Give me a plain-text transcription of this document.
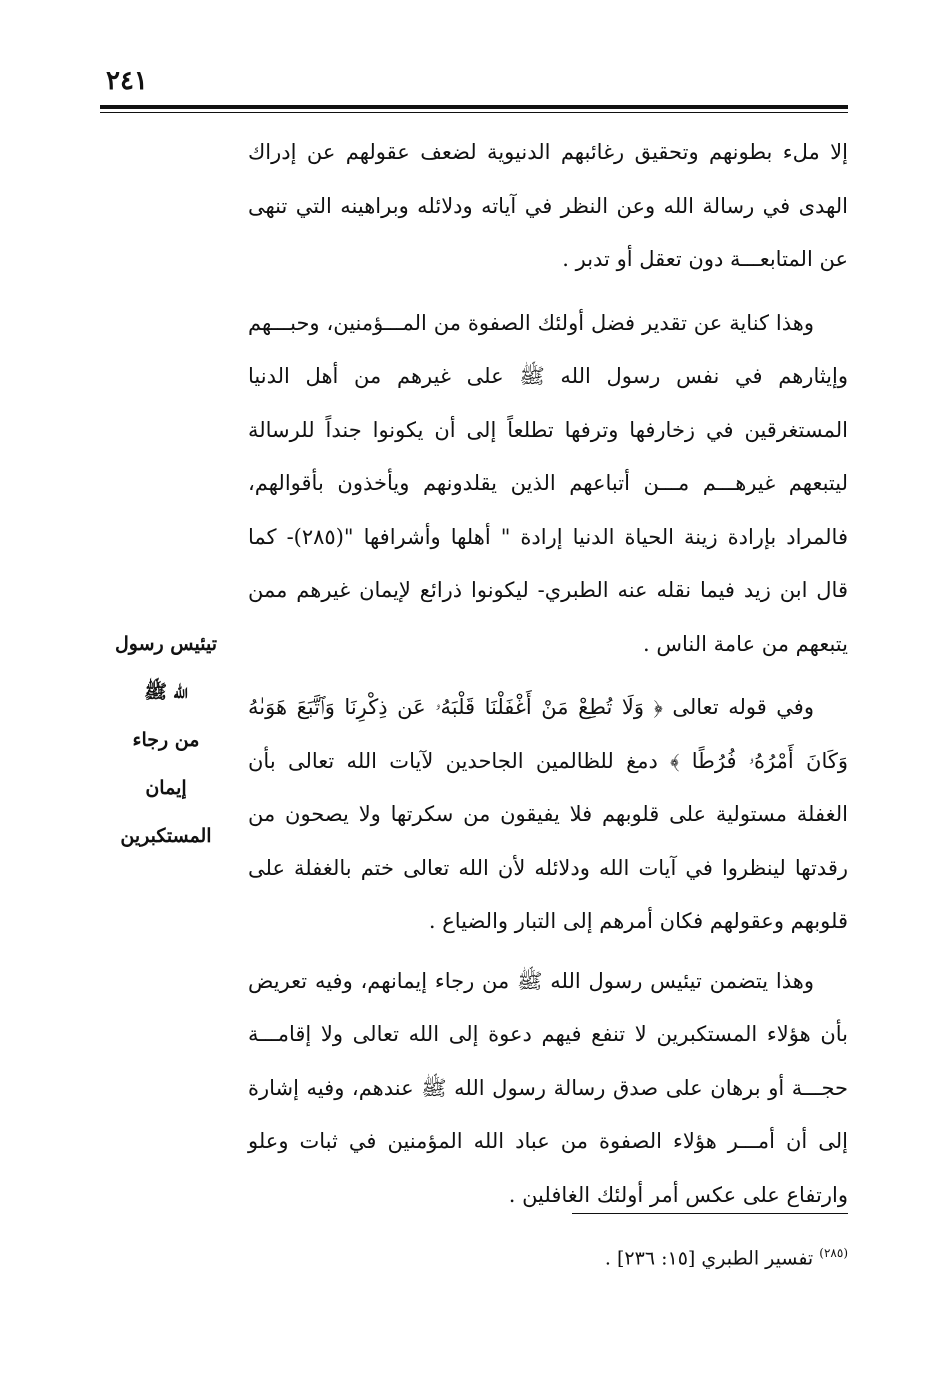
٢٤١

إلا ملء بطونهم وتحقيق رغائبهم الدنيوية لضعف عقولهم عن إدراك الهدى في رسالة الله وعن النظر في آياته ودلائله وبراهينه التي تنهى عن المتابعـــة دون تعقل أو تدبر .

وهذا كناية عن تقدير فضل أولئك الصفوة من المـــؤمنين، وحبـــهم وإيثارهم في نفس رسول الله ﷺ على غيرهم من أهل الدنيا المستغرقين في زخارفها وترفها تطلعاً إلى أن يكونوا جنداً للرسالة ليتبعهم غيرهـــم مـــن أتباعهم الذين يقلدونهم ويأخذون بأقوالهم، فالمراد بإرادة زينة الحياة الدنيا إرادة " أهلها وأشرافها "(٢٨٥)- كما قال ابن زيد فيما نقله عنه الطبري- ليكونوا ذرائع لإيمان غيرهم ممن يتبعهم من عامة الناس .

وفي قوله تعالى ﴿ وَلَا تُطِعْ مَنْ أَغْفَلْنَا قَلْبَهُۥ عَن ذِكْرِنَا وَٱتَّبَعَ هَوَىٰهُ وَكَانَ أَمْرُهُۥ فُرُطًا ﴾ دمغ للظالمين الجاحدين لآيات الله تعالى بأن الغفلة مستولية على قلوبهم فلا يفيقون من سكرتها ولا يصحون من رقدتها لينظروا في آيات الله ودلائله لأن الله تعالى ختم بالغفلة على قلوبهم وعقولهم فكان أمرهم إلى التبار والضياع .

وهذا يتضمن تيئيس رسول الله ﷺ من رجاء إيمانهم، وفيه تعريض بأن هؤلاء المستكبرين لا تنفع فيهم دعوة إلى الله تعالى ولا إقامـــة حجـــة أو برهان على صدق رسالة رسول الله ﷺ عندهم، وفيه إشارة إلى أن أمـــر هؤلاء الصفوة من عباد الله المؤمنين في ثبات وعلو وارتفاع على عكس أمر أولئك الغافلين .

تيئيس رسول
الله ﷺ
من رجاء
إيمان المستكبرين
$^{(٢٨٥)}$ تفسير الطبري [١٥: ٢٣٦] .
